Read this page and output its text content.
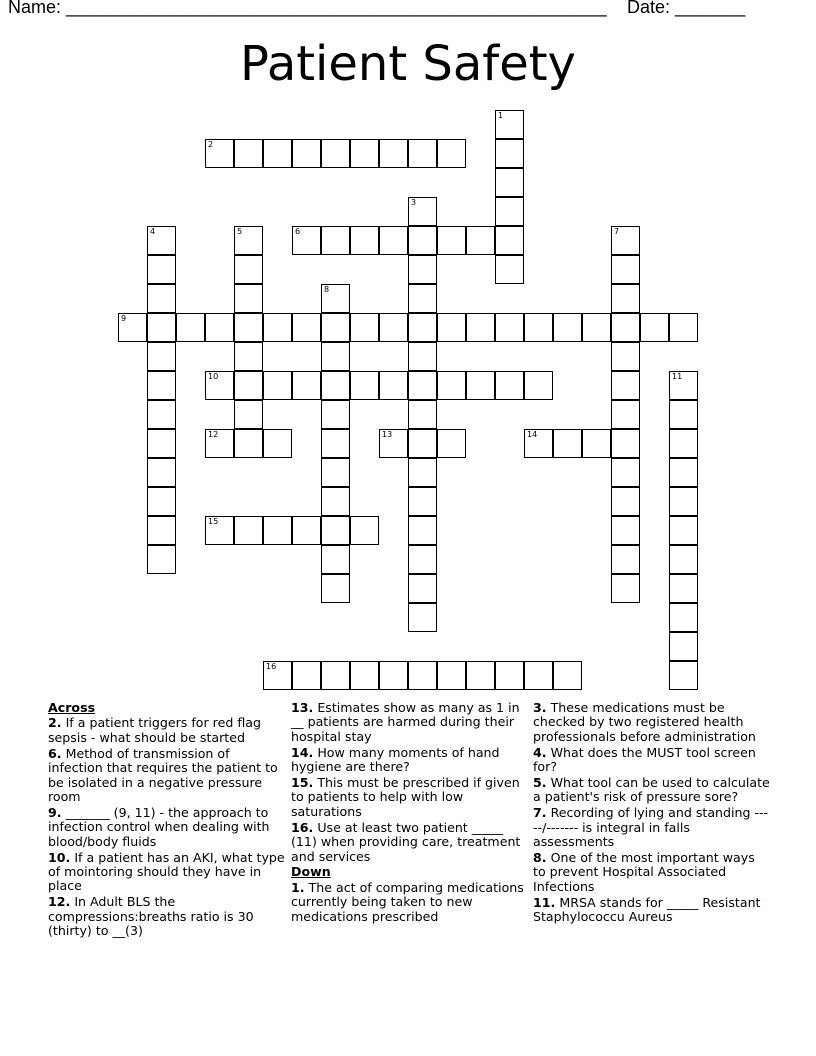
Name: ______________________________________________________ Date: _______
Patient Safety
2
6
9
10
12	13	14
15
16
1
3
4	5	7
8
11
Across

2. If a patient triggers for red flag sepsis - what should be started

6. Method of transmission of infection that requires the patient to be isolated in a negative pressure room

9. _______ (9, 11) - the approach to infection control when dealing with blood/body fluids

10. If a patient has an AKI, what type of mointoring should they have in place

12. In Adult BLS the compressions:breaths ratio is 30 (thirty) to __(3)

13. Estimates show as many as 1 in __ patients are harmed during their hospital stay

14. How many moments of hand hygiene are there?

15. This must be prescribed if given to patients to help with low saturations

16. Use at least two patient _____ (11) when providing care, treatment and services

Down

1. The act of comparing medications currently being taken to new medications prescribed

3. These medications must be checked by two registered health professionals before administration

4. What does the MUST tool screen for?

5. What tool can be used to calculate a patient's risk of pressure sore?

7. Recording of lying and standing -----/------- is integral in falls assessments

8. One of the most important ways to prevent Hospital Associated Infections

11. MRSA stands for _____ Resistant Staphylococcu Aureus
